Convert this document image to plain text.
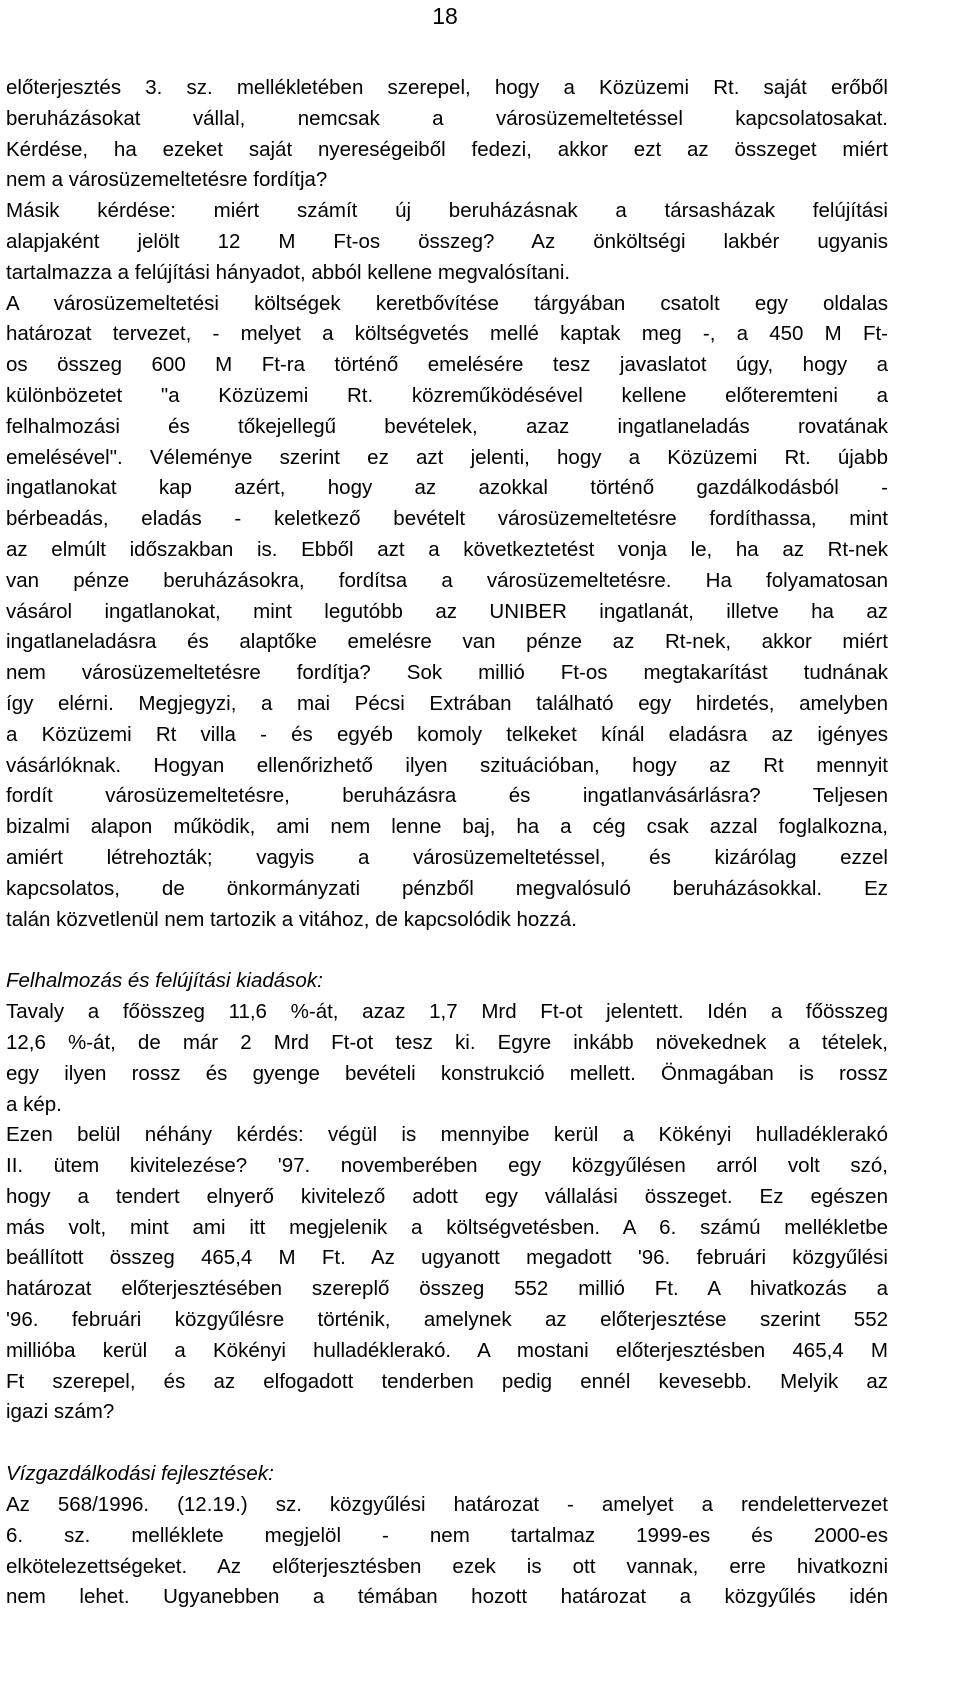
18
előterjesztés 3. sz. mellékletében szerepel, hogy a Közüzemi Rt. saját erőből
beruházásokat vállal, nemcsak a városüzemeltetéssel kapcsolatosakat.
Kérdése, ha ezeket saját nyereségeiből fedezi, akkor ezt az összeget miért
nem a városüzemeltetésre fordítja?
Másik kérdése: miért számít új beruházásnak a társasházak felújítási
alapjaként jelölt 12 M Ft-os összeg? Az önköltségi lakbér ugyanis
tartalmazza a felújítási hányadot, abból kellene megvalósítani.
A városüzemeltetési költségek keretbővítése tárgyában csatolt egy oldalas
határozat tervezet, - melyet a költségvetés mellé kaptak meg -, a 450 M Ft-
os összeg 600 M Ft-ra történő emelésére tesz javaslatot úgy, hogy a
különbözetet "a Közüzemi Rt. közreműködésével kellene előteremteni a
felhalmozási és tőkejellegű bevételek, azaz ingatlaneladás rovatának
emelésével". Véleménye szerint ez azt jelenti, hogy a Közüzemi Rt. újabb
ingatlanokat kap azért, hogy az azokkal történő gazdálkodásból -
bérbeadás, eladás - keletkező bevételt városüzemeltetésre fordíthassa, mint
az elmúlt időszakban is. Ebből azt a következtetést vonja le, ha az Rt-nek
van pénze beruházásokra, fordítsa a városüzemeltetésre. Ha folyamatosan
vásárol ingatlanokat, mint legutóbb az UNIBER ingatlanát, illetve ha az
ingatlaneladásra és alaptőke emelésre van pénze az Rt-nek, akkor miért
nem városüzemeltetésre fordítja? Sok millió Ft-os megtakarítást tudnának
így elérni. Megjegyzi, a mai Pécsi Extrában található egy hirdetés, amelyben
a Közüzemi Rt villa - és egyéb komoly telkeket kínál eladásra az igényes
vásárlóknak. Hogyan ellenőrizhető ilyen szituációban, hogy az Rt mennyit
fordít városüzemeltetésre, beruházásra és ingatlanvásárlásra? Teljesen
bizalmi alapon működik, ami nem lenne baj, ha a cég csak azzal foglalkozna,
amiért létrehozták; vagyis a városüzemeltetéssel, és kizárólag ezzel
kapcsolatos, de önkormányzati pénzből megvalósuló beruházásokkal. Ez
talán közvetlenül nem tartozik a vitához, de kapcsolódik hozzá.
Felhalmozás és felújítási kiadások:
Tavaly a főösszeg 11,6 %-át, azaz 1,7 Mrd Ft-ot jelentett. Idén a főösszeg
12,6 %-át, de már 2 Mrd Ft-ot tesz ki. Egyre inkább növekednek a tételek,
egy ilyen rossz és gyenge bevételi konstrukció mellett. Önmagában is rossz
a kép.
Ezen belül néhány kérdés: végül is mennyibe kerül a Kökényi hulladéklerakó
II. ütem kivitelezése? '97. novemberében egy közgyűlésen arról volt szó,
hogy a tendert elnyerő kivitelező adott egy vállalási összeget. Ez egészen
más volt, mint ami itt megjelenik a költségvetésben. A 6. számú mellékletbe
beállított összeg 465,4 M Ft. Az ugyanott megadott '96. februári közgyűlési
határozat előterjesztésében szereplő összeg 552 millió Ft. A hivatkozás a
'96. februári közgyűlésre történik, amelynek az előterjesztése szerint 552
millióba kerül a Kökényi hulladéklerakó. A mostani előterjesztésben 465,4 M
Ft szerepel, és az elfogadott tenderben pedig ennél kevesebb. Melyik az
igazi szám?
Vízgazdálkodási fejlesztések:
Az 568/1996. (12.19.) sz. közgyűlési határozat - amelyet a rendelettervezet
6. sz. melléklete megjelöl - nem tartalmaz 1999-es és 2000-es
elkötelezettségeket. Az előterjesztésben ezek is ott vannak, erre hivatkozni
nem lehet. Ugyanebben a témában hozott határozat a közgyűlés idén
